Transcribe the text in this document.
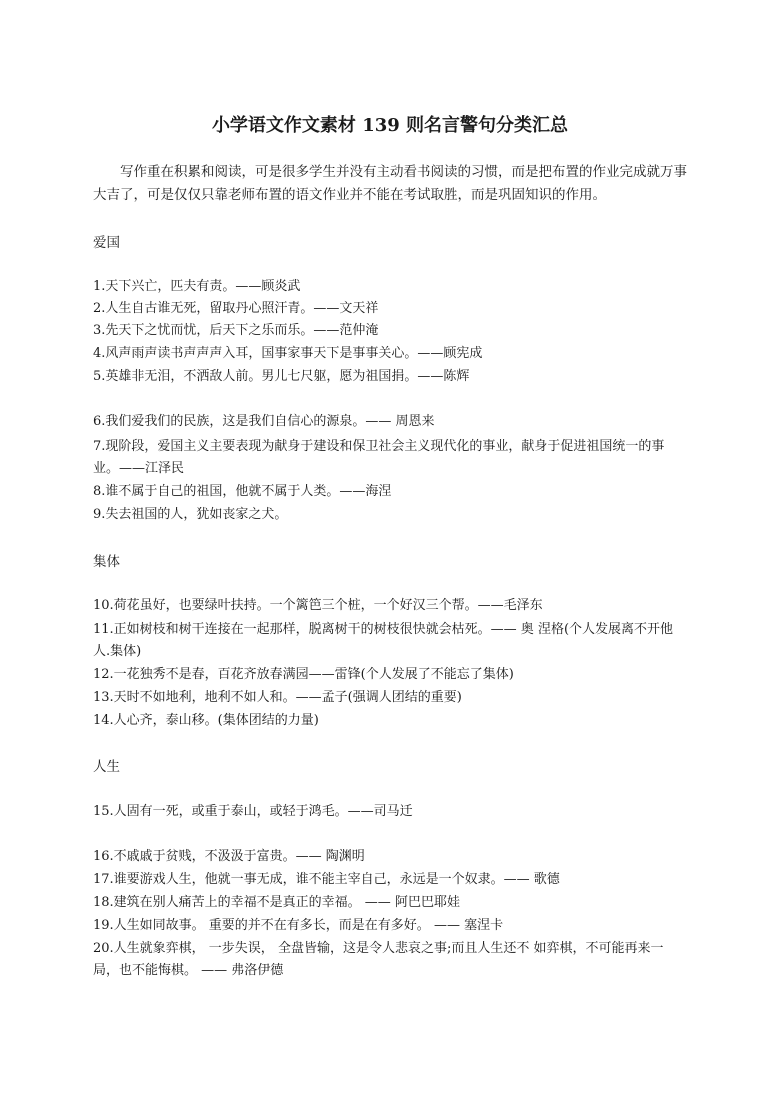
小学语文作文素材 139 则名言警句分类汇总
写作重在积累和阅读，可是很多学生并没有主动看书阅读的习惯，而是把布置的作业完成就万事大吉了，可是仅仅只靠老师布置的语文作业并不能在考试取胜，而是巩固知识的作用。
爱国
1.天下兴亡，匹夫有责。——顾炎武
2.人生自古谁无死，留取丹心照汗青。——文天祥
3.先天下之忧而忧，后天下之乐而乐。——范仲淹
4.风声雨声读书声声声入耳，国事家事天下是事事关心。——顾宪成
5.英雄非无泪，不洒敌人前。男儿七尺躯，愿为祖国捐。——陈辉
6.我们爱我们的民族，这是我们自信心的源泉。—— 周恩来
7.现阶段，爱国主义主要表现为献身于建设和保卫社会主义现代化的事业，献身于促进祖国统一的事业。——江泽民
8.谁不属于自己的祖国，他就不属于人类。——海涅
9.失去祖国的人，犹如丧家之犬。
集体
10.荷花虽好，也要绿叶扶持。一个篱笆三个桩，一个好汉三个帮。——毛泽东
11.正如树枝和树干连接在一起那样，脱离树干的树枝很快就会枯死。—— 奥 涅格(个人发展离不开他人.集体)
12.一花独秀不是春，百花齐放春满园——雷锋(个人发展了不能忘了集体)
13.天时不如地利，地利不如人和。——孟子(强调人团结的重要)
14.人心齐，泰山移。(集体团结的力量)
人生
15.人固有一死，或重于泰山，或轻于鸿毛。——司马迁
16.不戚戚于贫贱，不汲汲于富贵。—— 陶渊明
17.谁要游戏人生，他就一事无成，谁不能主宰自己，永远是一个奴隶。—— 歌德
18.建筑在别人痛苦上的幸福不是真正的幸福。 —— 阿巴巴耶娃
19.人生如同故事。 重要的并不在有多长，而是在有多好。 —— 塞涅卡
20.人生就象弈棋， 一步失误， 全盘皆输，这是令人悲哀之事;而且人生还不 如弈棋，不可能再来一局，也不能悔棋。 —— 弗洛伊德
